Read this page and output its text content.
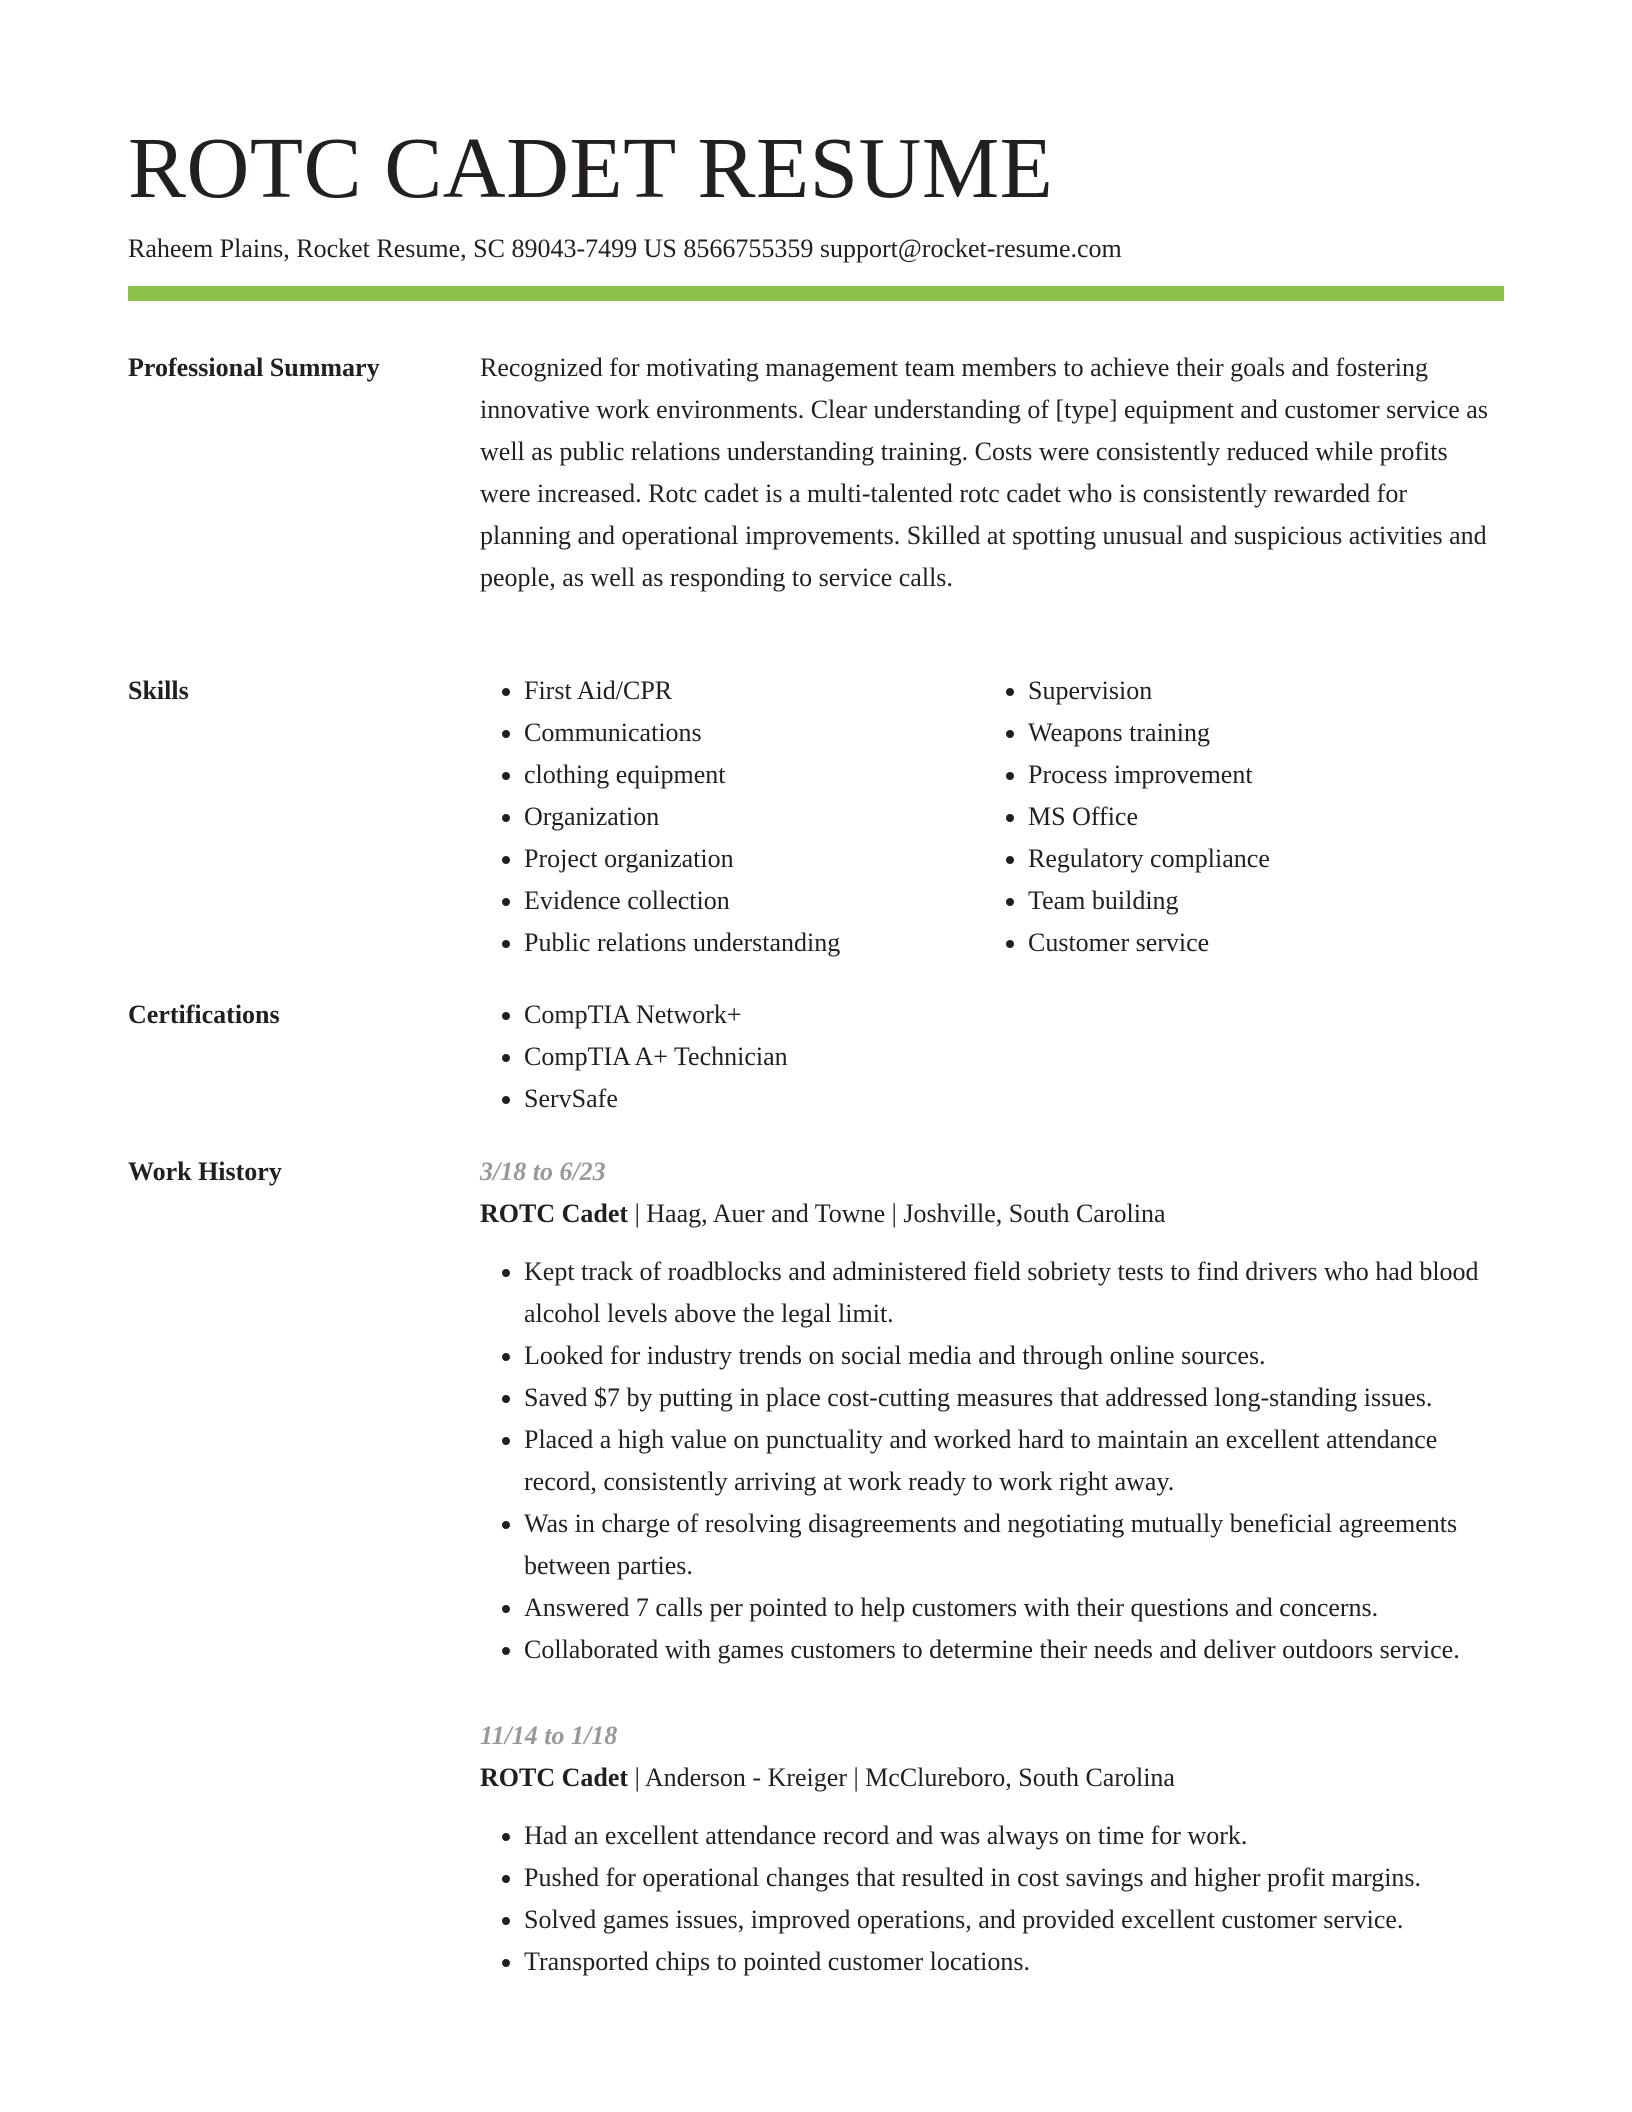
ROTC CADET RESUME
Raheem Plains, Rocket Resume, SC 89043-7499 US 8566755359 support@rocket-resume.com
Professional Summary	Recognized for motivating management team members to achieve their goals and fostering innovative work environments. Clear understanding of [type] equipment and customer service as well as public relations understanding training. Costs were consistently reduced while profits were increased. Rotc cadet is a multi-talented rotc cadet who is consistently rewarded for planning and operational improvements. Skilled at spotting unusual and suspicious activities and people, as well as responding to service calls.

Skills	• First Aid/CPR
• Communications
• clothing equipment
• Organization
• Project organization
• Evidence collection
• Public relations understanding
• Supervision
• Weapons training
• Process improvement
• MS Office
• Regulatory compliance
• Team building
• Customer service
Certifications	• CompTIA Network+
• CompTIA A+ Technician
• ServSafe
Work History	3/18 to 6/23
ROTC Cadet | Haag, Auer and Towne | Joshville, South Carolina
• Kept track of roadblocks and administered field sobriety tests to find drivers who had blood alcohol levels above the legal limit.
• Looked for industry trends on social media and through online sources.
• Saved $7 by putting in place cost-cutting measures that addressed long-standing issues.
• Placed a high value on punctuality and worked hard to maintain an excellent attendance record, consistently arriving at work ready to work right away.
• Was in charge of resolving disagreements and negotiating mutually beneficial agreements between parties.
• Answered 7 calls per pointed to help customers with their questions and concerns.
• Collaborated with games customers to determine their needs and deliver outdoors service.
11/14 to 1/18
ROTC Cadet | Anderson - Kreiger | McClureboro, South Carolina
• Had an excellent attendance record and was always on time for work.
• Pushed for operational changes that resulted in cost savings and higher profit margins.
• Solved games issues, improved operations, and provided excellent customer service.
• Transported chips to pointed customer locations.
